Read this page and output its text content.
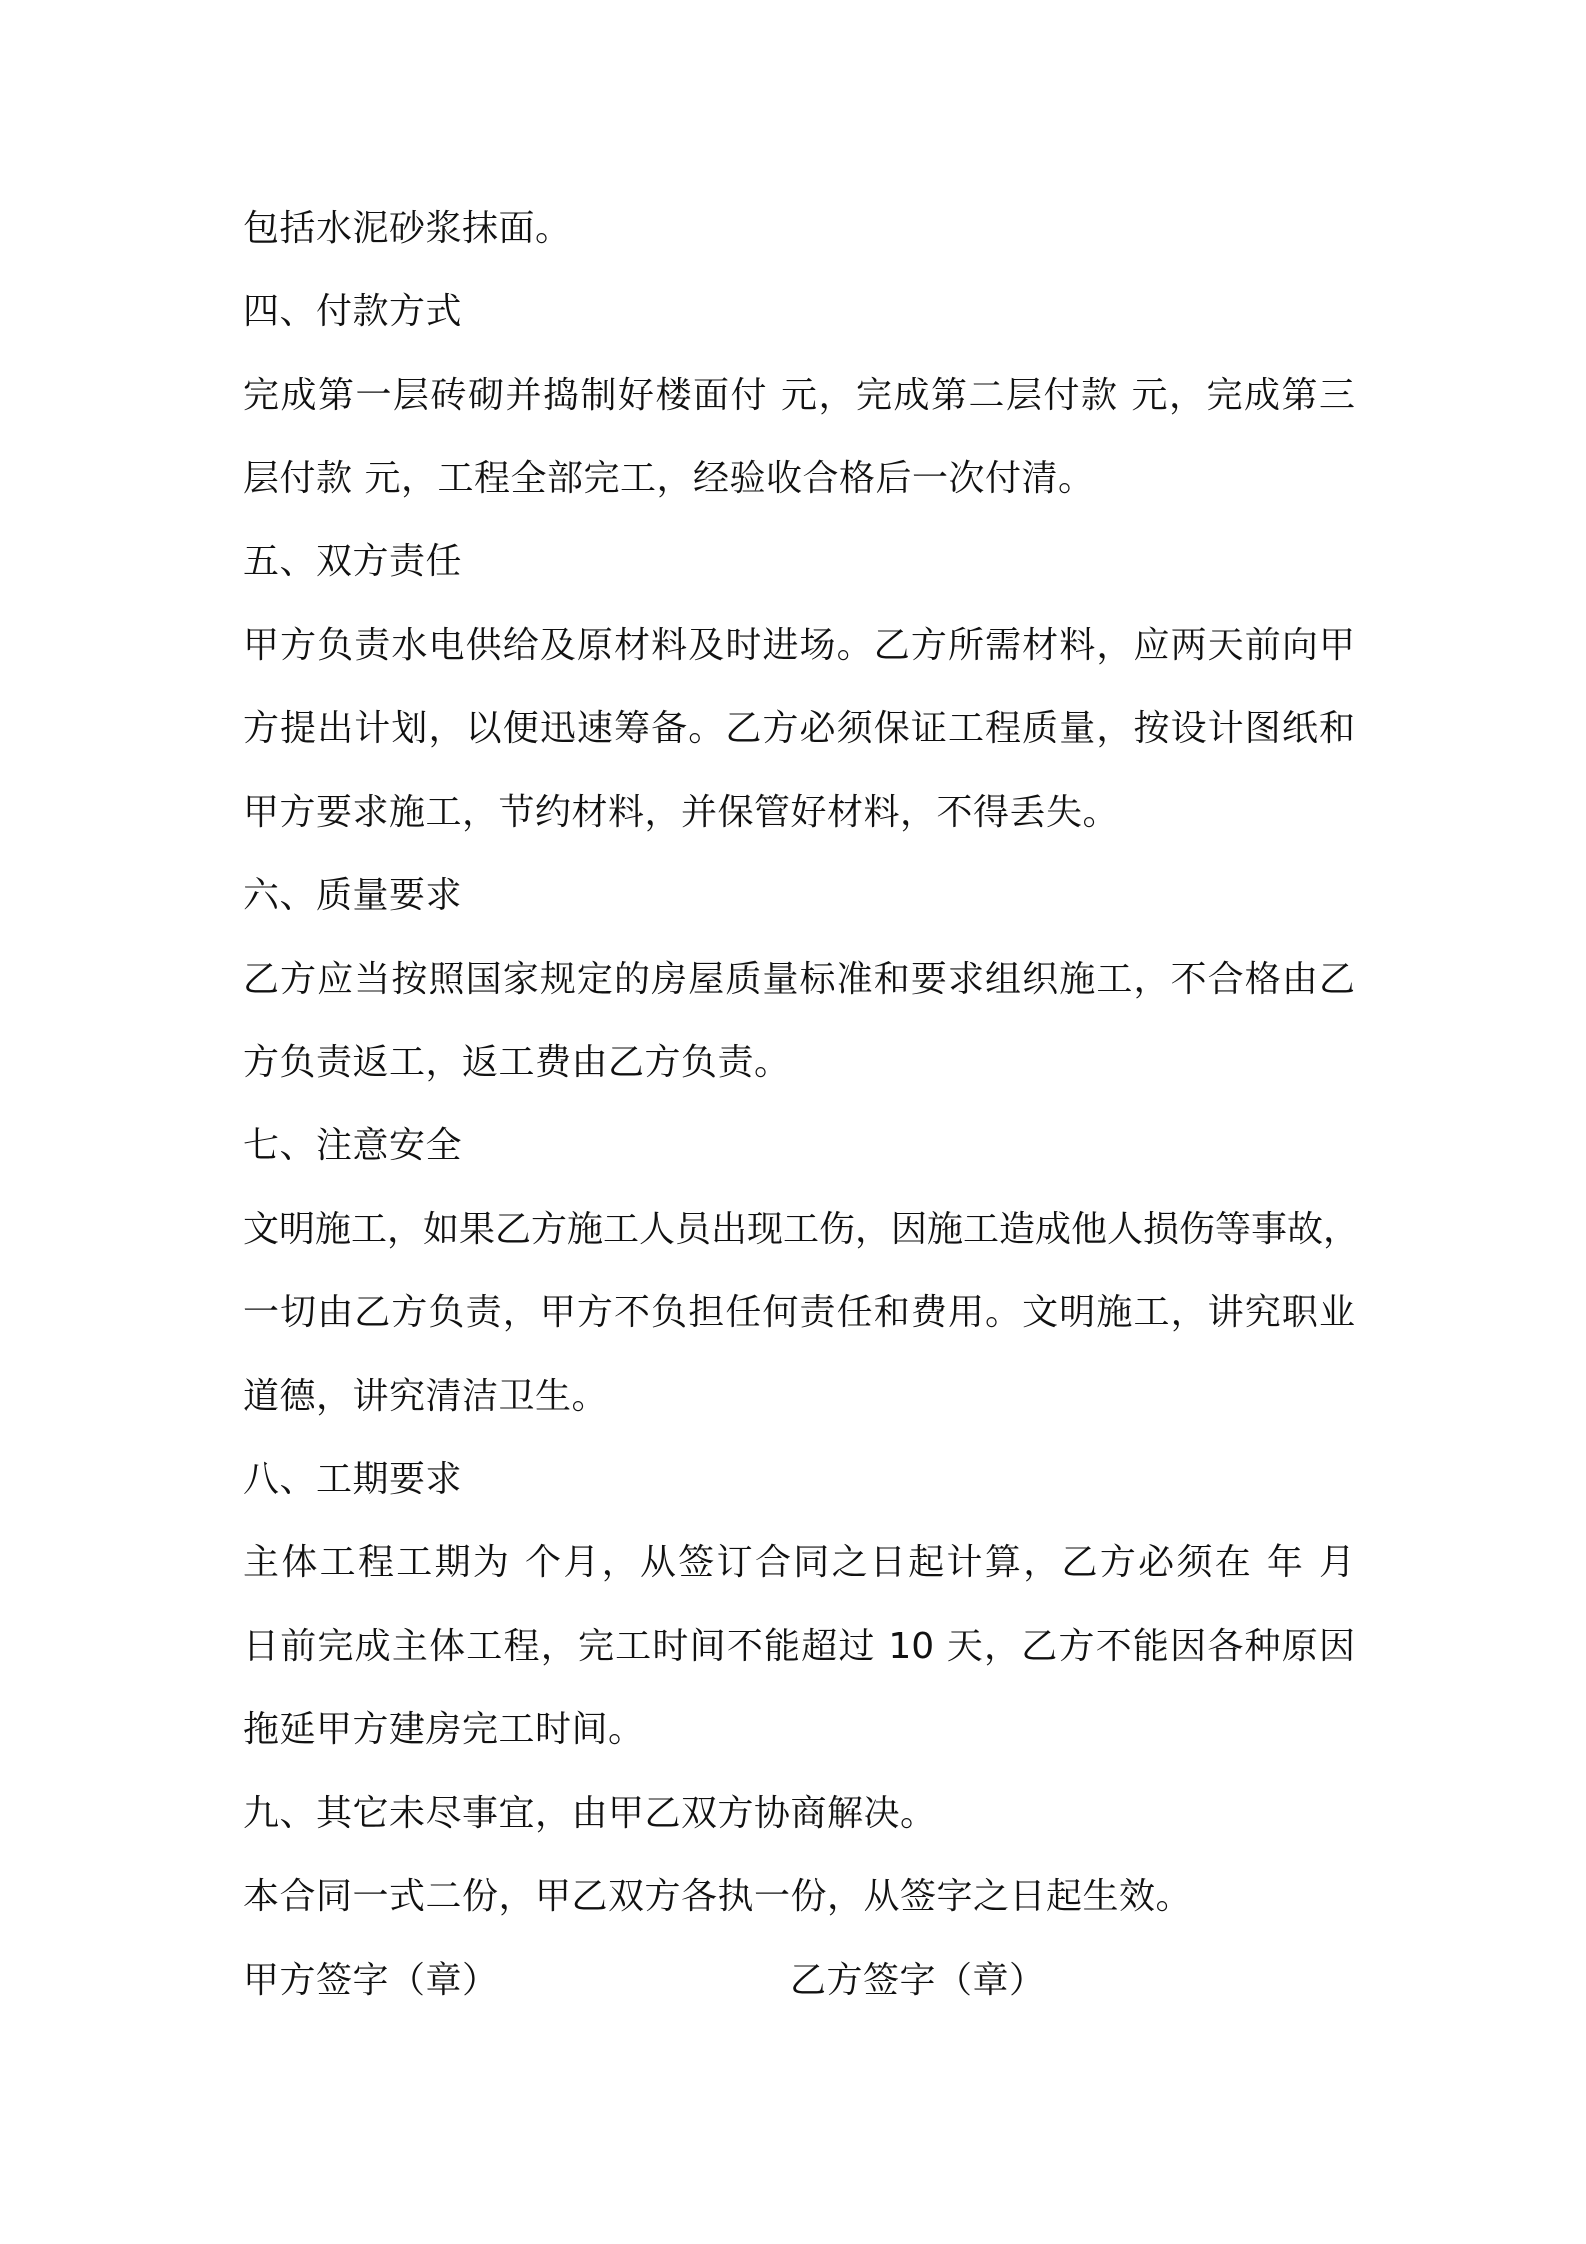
包括水泥砂浆抹面。
四、付款方式
完成第一层砖砌并捣制好楼面付 元，完成第二层付款 元，完成第三
层付款 元，工程全部完工，经验收合格后一次付清。
五、双方责任
甲方负责水电供给及原材料及时进场。乙方所需材料，应两天前向甲
方提出计划，以便迅速筹备。乙方必须保证工程质量，按设计图纸和
甲方要求施工，节约材料，并保管好材料，不得丢失。
六、质量要求
乙方应当按照国家规定的房屋质量标准和要求组织施工，不合格由乙
方负责返工，返工费由乙方负责。
七、注意安全
文明施工，如果乙方施工人员出现工伤，因施工造成他人损伤等事故，
一切由乙方负责，甲方不负担任何责任和费用。文明施工，讲究职业
道德，讲究清洁卫生。
八、工期要求
主体工程工期为 个月，从签订合同之日起计算，乙方必须在 年 月
日前完成主体工程，完工时间不能超过 10 天，乙方不能因各种原因
拖延甲方建房完工时间。
九、其它未尽事宜，由甲乙双方协商解决。
本合同一式二份，甲乙双方各执一份，从签字之日起生效。
甲方签字（章）	乙方签字（章）
